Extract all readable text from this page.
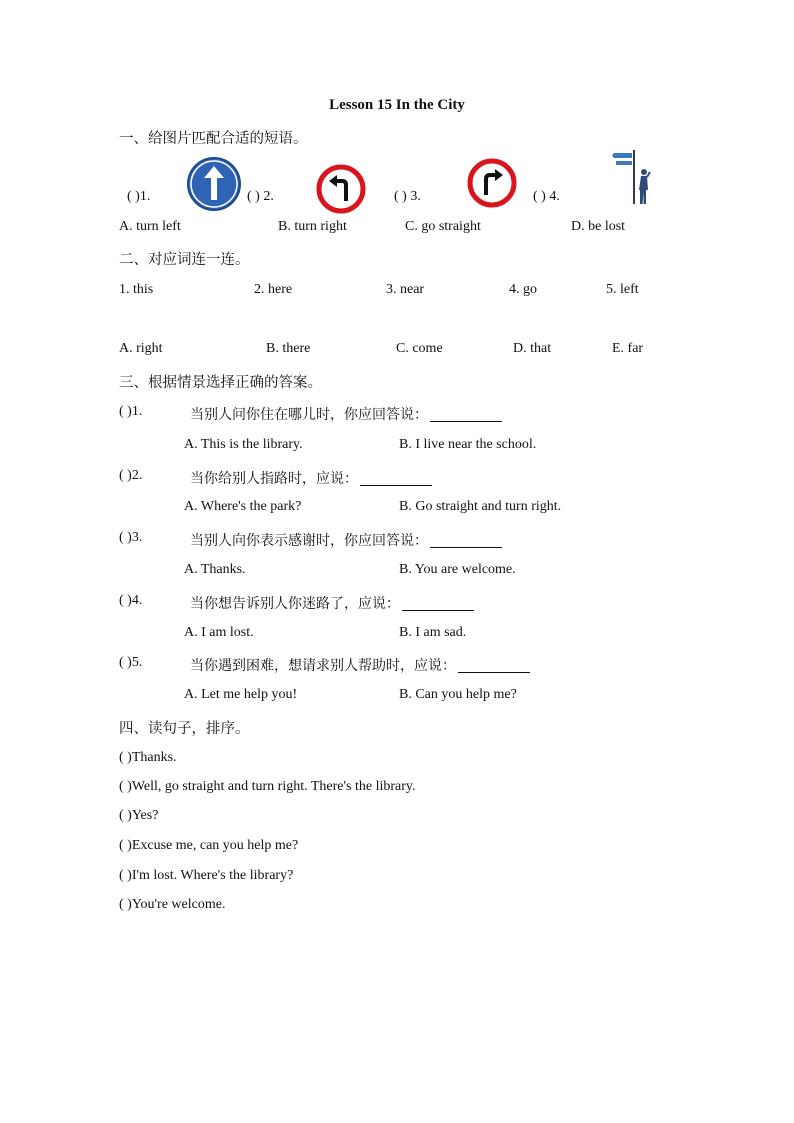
Lesson 15 In the City
一、给图片匹配合适的短语。
( )1.	( ) 2.	( ) 3.	( ) 4.
A. turn left	B. turn right	C. go straight	D. be lost
二、对应词连一连。
1. this	2. here	3. near	4. go	5. left
A. right	B. there	C. come	D. that	E. far
三、根据情景选择正确的答案。
( )1.	当别人问你住在哪儿时，你应回答说：
A. This is the library.	B. I live near the school.
( )2.	当你给别人指路时，应说：
A. Where's the park?	B. Go straight and turn right.
( )3.	当别人向你表示感谢时，你应回答说：
A. Thanks.	B. You are welcome.
( )4.	当你想告诉别人你迷路了，应说：
A. I am lost.	B. I am sad.
( )5.	当你遇到困难，想请求别人帮助时，应说：
A. Let me help you!	B. Can you help me?
四、读句子，排序。
( )Thanks.
( )Well, go straight and turn right. There's the library.
( )Yes?
( )Excuse me, can you help me?
( )I'm lost. Where's the library?
( )You're welcome.
